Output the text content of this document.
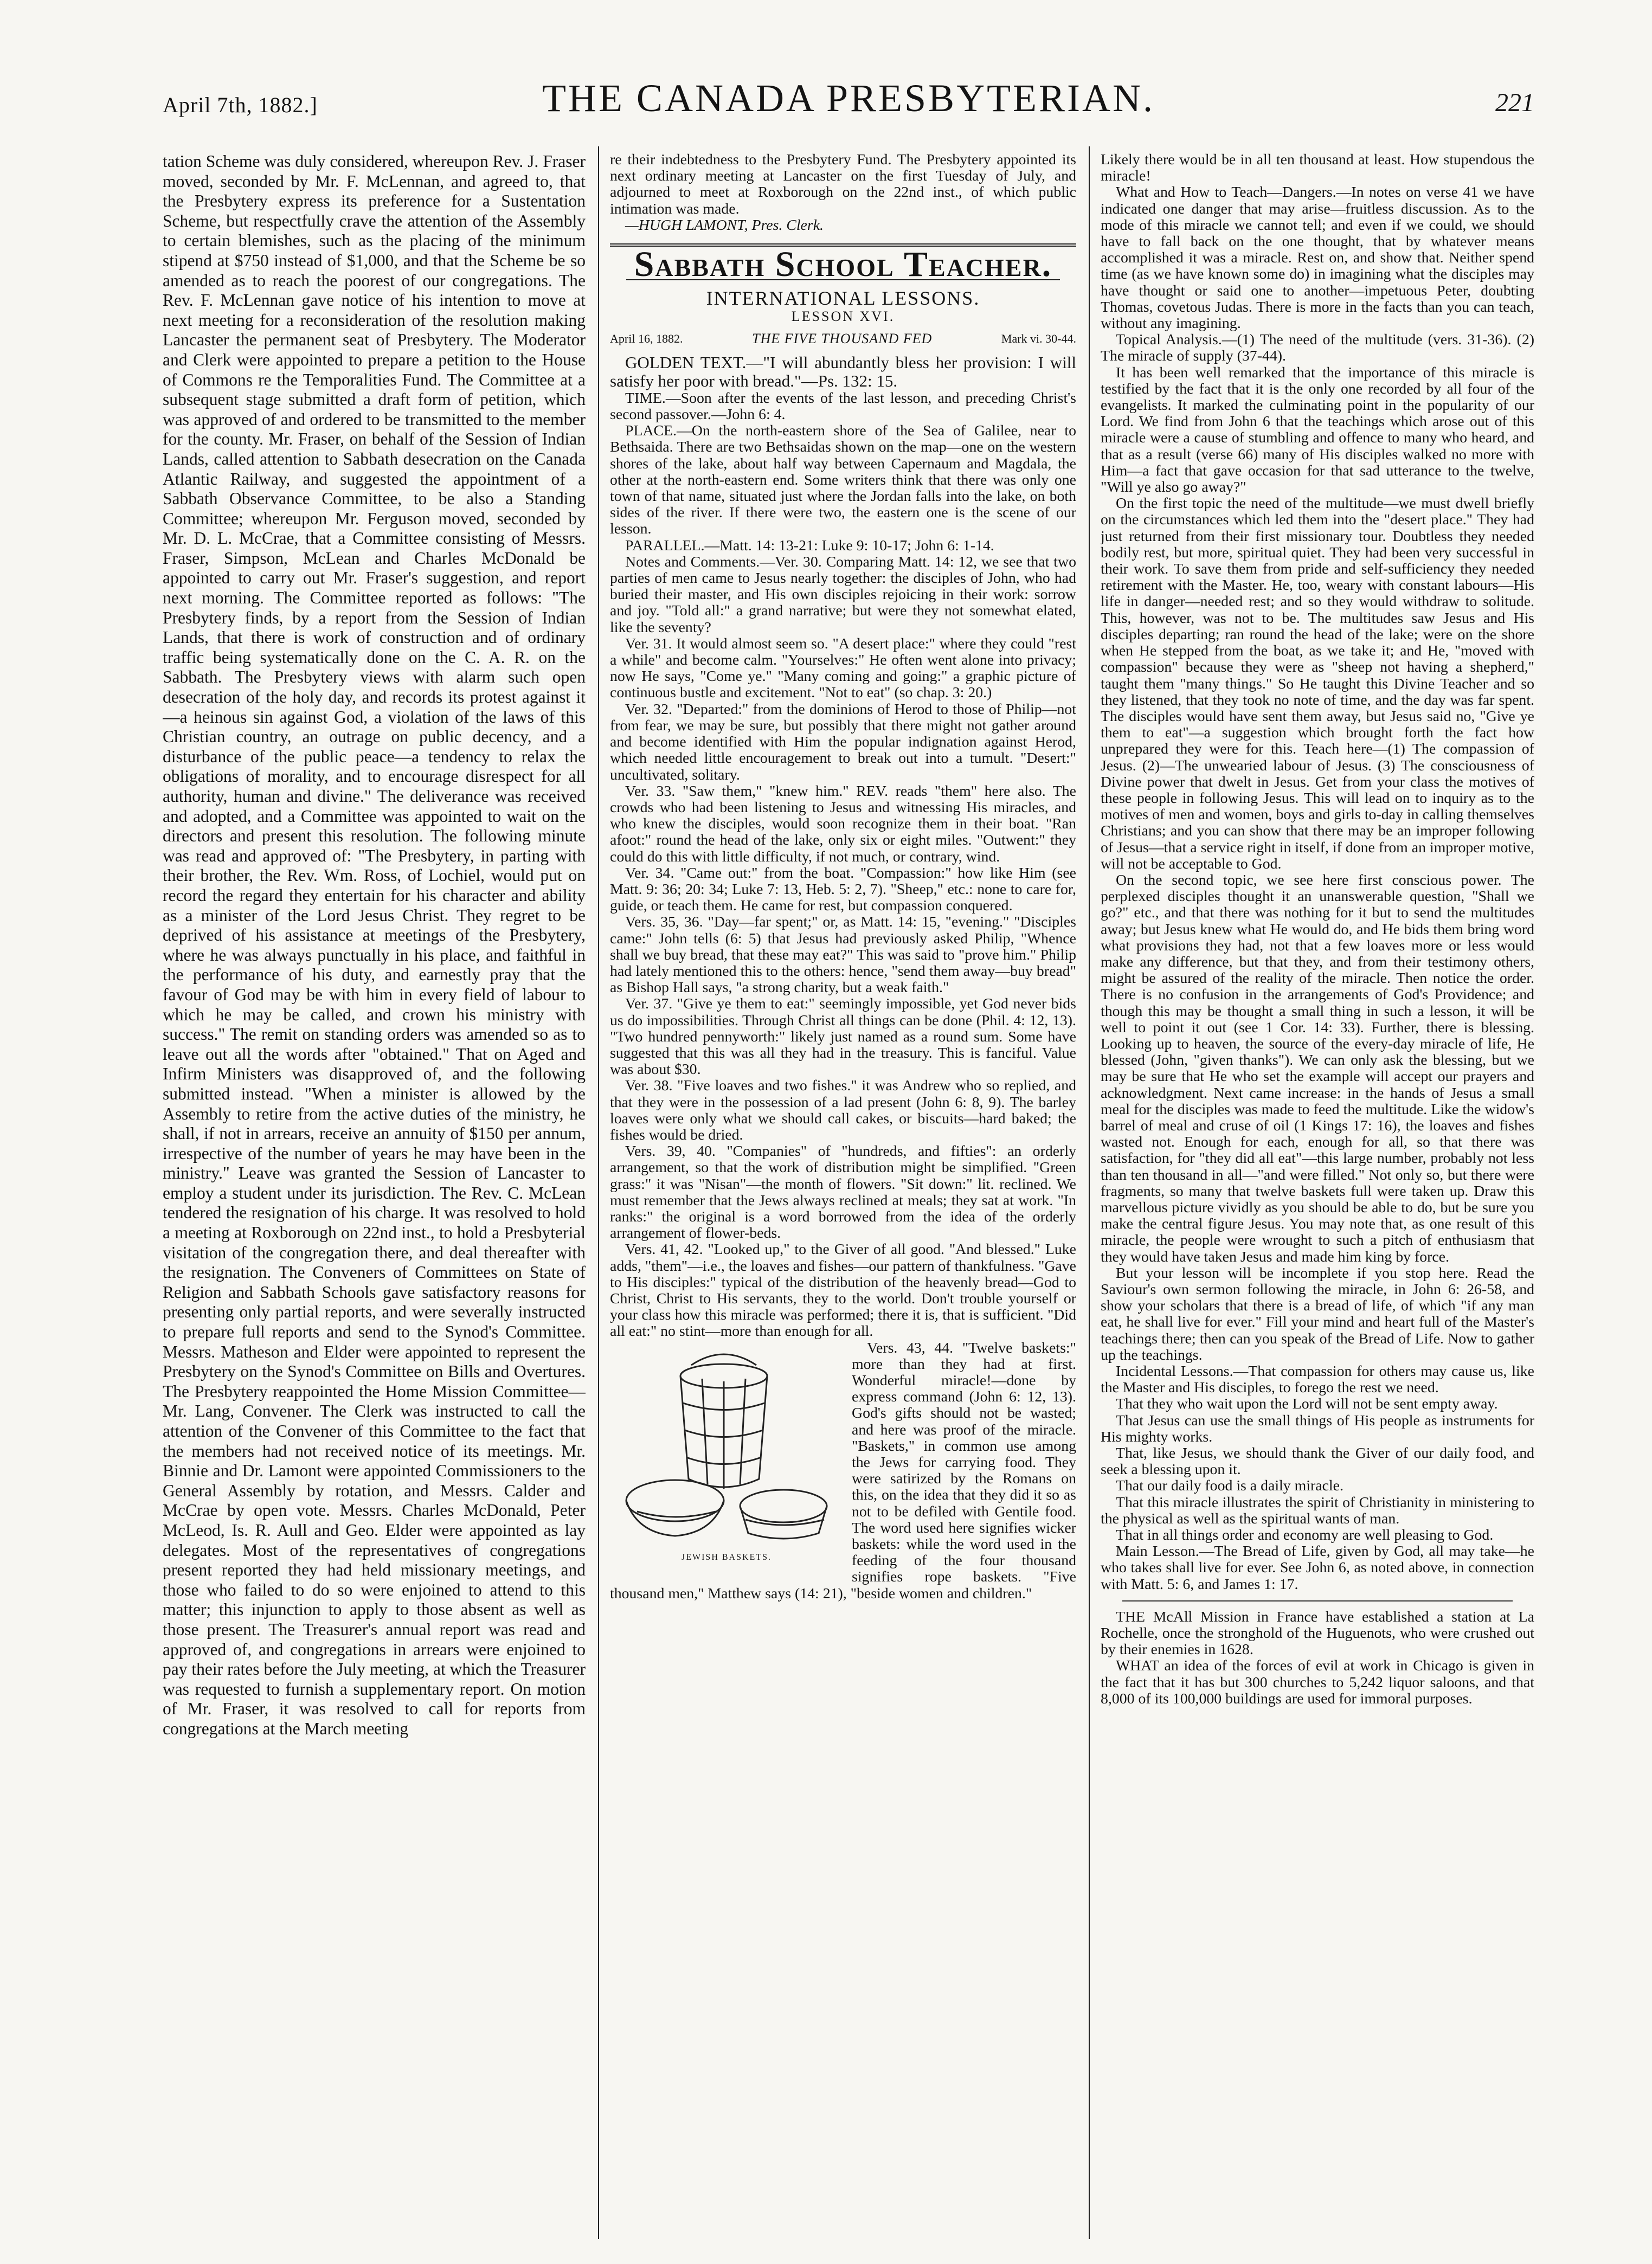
April 7th, 1882.]	THE CANADA PRESBYTERIAN.	221

tation Scheme was duly considered, whereupon Rev. J. Fraser moved, seconded by Mr. F. McLennan, and agreed to, that the Presbytery express its preference for a Sustentation Scheme, but respectfully crave the attention of the Assembly to certain blemishes, such as the placing of the minimum stipend at $750 instead of $1,000, and that the Scheme be so amended as to reach the poorest of our congregations. The Rev. F. McLennan gave notice of his intention to move at next meeting for a reconsideration of the resolution making Lancaster the permanent seat of Presbytery. The Moderator and Clerk were appointed to prepare a petition to the House of Commons re the Temporalities Fund. The Committee at a subsequent stage submitted a draft form of petition, which was approved of and ordered to be transmitted to the member for the county. Mr. Fraser, on behalf of the Session of Indian Lands, called attention to Sabbath desecration on the Canada Atlantic Railway, and suggested the appointment of a Sabbath Observance Committee, to be also a Standing Committee; whereupon Mr. Ferguson moved, seconded by Mr. D. L. McCrae, that a Committee consisting of Messrs. Fraser, Simpson, McLean and Charles McDonald be appointed to carry out Mr. Fraser's suggestion, and report next morning. The Committee reported as follows: "The Presbytery finds, by a report from the Session of Indian Lands, that there is work of construction and of ordinary traffic being systematically done on the C. A. R. on the Sabbath. The Presbytery views with alarm such open desecration of the holy day, and records its protest against it—a heinous sin against God, a violation of the laws of this Christian country, an outrage on public decency, and a disturbance of the public peace—a tendency to relax the obligations of morality, and to encourage disrespect for all authority, human and divine." The deliverance was received and adopted, and a Committee was appointed to wait on the directors and present this resolution. The following minute was read and approved of: "The Presbytery, in parting with their brother, the Rev. Wm. Ross, of Lochiel, would put on record the regard they entertain for his character and ability as a minister of the Lord Jesus Christ. They regret to be deprived of his assistance at meetings of the Presbytery, where he was always punctually in his place, and faithful in the performance of his duty, and earnestly pray that the favour of God may be with him in every field of labour to which he may be called, and crown his ministry with success." The remit on standing orders was amended so as to leave out all the words after "obtained." That on Aged and Infirm Ministers was disapproved of, and the following submitted instead. "When a minister is allowed by the Assembly to retire from the active duties of the ministry, he shall, if not in arrears, receive an annuity of $150 per annum, irrespective of the number of years he may have been in the ministry." Leave was granted the Session of Lancaster to employ a student under its jurisdiction. The Rev. C. McLean tendered the resignation of his charge. It was resolved to hold a meeting at Roxborough on 22nd inst., to hold a Presbyterial visitation of the congregation there, and deal thereafter with the resignation. The Conveners of Committees on State of Religion and Sabbath Schools gave satisfactory reasons for presenting only partial reports, and were severally instructed to prepare full reports and send to the Synod's Committee. Messrs. Matheson and Elder were appointed to represent the Presbytery on the Synod's Committee on Bills and Overtures. The Presbytery reappointed the Home Mission Committee—Mr. Lang, Convener. The Clerk was instructed to call the attention of the Convener of this Committee to the fact that the members had not received notice of its meetings. Mr. Binnie and Dr. Lamont were appointed Commissioners to the General Assembly by rotation, and Messrs. Calder and McCrae by open vote. Messrs. Charles McDonald, Peter McLeod, Is. R. Aull and Geo. Elder were appointed as lay delegates. Most of the representatives of congregations present reported they had held missionary meetings, and those who failed to do so were enjoined to attend to this matter; this injunction to apply to those absent as well as those present. The Treasurer's annual report was read and approved of, and congregations in arrears were enjoined to pay their rates before the July meeting, at which the Treasurer was requested to furnish a supplementary report. On motion of Mr. Fraser, it was resolved to call for reports from congregations at the March meeting

re their indebtedness to the Presbytery Fund. The Presbytery appointed its next ordinary meeting at Lancaster on the first Tuesday of July, and adjourned to meet at Roxborough on the 22nd inst., of which public intimation was made.

—HUGH LAMONT, Pres. Clerk.

Sabbath School Teacher.
INTERNATIONAL LESSONS.
LESSON XVI.
April 16, 1882.	THE FIVE THOUSAND FED	Mark vi. 30-44.

GOLDEN TEXT.—"I will abundantly bless her provision: I will satisfy her poor with bread."—Ps. 132: 15.

TIME.—Soon after the events of the last lesson, and preceding Christ's second passover.—John 6: 4.

PLACE.—On the north-eastern shore of the Sea of Galilee, near to Bethsaida. There are two Bethsaidas shown on the map—one on the western shores of the lake, about half way between Capernaum and Magdala, the other at the north-eastern end. Some writers think that there was only one town of that name, situated just where the Jordan falls into the lake, on both sides of the river. If there were two, the eastern one is the scene of our lesson.

PARALLEL.—Matt. 14: 13-21: Luke 9: 10-17; John 6: 1-14.

Notes and Comments.—Ver. 30. Comparing Matt. 14: 12, we see that two parties of men came to Jesus nearly together: the disciples of John, who had buried their master, and His own disciples rejoicing in their work: sorrow and joy. "Told all:" a grand narrative; but were they not somewhat elated, like the seventy?

Ver. 31. It would almost seem so. "A desert place:" where they could "rest a while" and become calm. "Yourselves:" He often went alone into privacy; now He says, "Come ye." "Many coming and going:" a graphic picture of continuous bustle and excitement. "Not to eat" (so chap. 3: 20.)

Ver. 32. "Departed:" from the dominions of Herod to those of Philip—not from fear, we may be sure, but possibly that there might not gather around and become identified with Him the popular indignation against Herod, which needed little encouragement to break out into a tumult. "Desert:" uncultivated, solitary.

Ver. 33. "Saw them," "knew him." REV. reads "them" here also. The crowds who had been listening to Jesus and witnessing His miracles, and who knew the disciples, would soon recognize them in their boat. "Ran afoot:" round the head of the lake, only six or eight miles. "Outwent:" they could do this with little difficulty, if not much, or contrary, wind.

Ver. 34. "Came out:" from the boat. "Compassion:" how like Him (see Matt. 9: 36; 20: 34; Luke 7: 13, Heb. 5: 2, 7). "Sheep," etc.: none to care for, guide, or teach them. He came for rest, but compassion conquered.

Vers. 35, 36. "Day—far spent;" or, as Matt. 14: 15, "evening." "Disciples came:" John tells (6: 5) that Jesus had previously asked Philip, "Whence shall we buy bread, that these may eat?" This was said to "prove him." Philip had lately mentioned this to the others: hence, "send them away—buy bread" as Bishop Hall says, "a strong charity, but a weak faith."

Ver. 37. "Give ye them to eat:" seemingly impossible, yet God never bids us do impossibilities. Through Christ all things can be done (Phil. 4: 12, 13). "Two hundred pennyworth:" likely just named as a round sum. Some have suggested that this was all they had in the treasury. This is fanciful. Value was about $30.

Ver. 38. "Five loaves and two fishes." it was Andrew who so replied, and that they were in the possession of a lad present (John 6: 8, 9). The barley loaves were only what we should call cakes, or biscuits—hard baked; the fishes would be dried.

Vers. 39, 40. "Companies" of "hundreds, and fifties": an orderly arrangement, so that the work of distribution might be simplified. "Green grass:" it was "Nisan"—the month of flowers. "Sit down:" lit. reclined. We must remember that the Jews always reclined at meals; they sat at work. "In ranks:" the original is a word borrowed from the idea of the orderly arrangement of flower-beds.

Vers. 41, 42. "Looked up," to the Giver of all good. "And blessed." Luke adds, "them"—i.e., the loaves and fishes—our pattern of thankfulness. "Gave to His disciples:" typical of the distribution of the heavenly bread—God to Christ, Christ to His servants, they to the world. Don't trouble yourself or your class how this miracle was performed; there it is, that is sufficient. "Did all eat:" no stint—more than enough for all.

JEWISH BASKETS.

Vers. 43, 44. "Twelve baskets:" more than they had at first. Wonderful miracle!—done by express command (John 6: 12, 13). God's gifts should not be wasted; and here was proof of the miracle. "Baskets," in common use among the Jews for carrying food. They were satirized by the Romans on this, on the idea that they did it so as not to be defiled with Gentile food. The word used here signifies wicker baskets: while the word used in the feeding of the four thousand signifies rope baskets. "Five thousand men," Matthew says (14: 21), "beside women and children."

Likely there would be in all ten thousand at least. How stupendous the miracle!

What and How to Teach—Dangers.—In notes on verse 41 we have indicated one danger that may arise—fruitless discussion. As to the mode of this miracle we cannot tell; and even if we could, we should have to fall back on the one thought, that by whatever means accomplished it was a miracle. Rest on, and show that. Neither spend time (as we have known some do) in imagining what the disciples may have thought or said one to another—impetuous Peter, doubting Thomas, covetous Judas. There is more in the facts than you can teach, without any imagining.

Topical Analysis.—(1) The need of the multitude (vers. 31-36). (2) The miracle of supply (37-44).

It has been well remarked that the importance of this miracle is testified by the fact that it is the only one recorded by all four of the evangelists. It marked the culminating point in the popularity of our Lord. We find from John 6 that the teachings which arose out of this miracle were a cause of stumbling and offence to many who heard, and that as a result (verse 66) many of His disciples walked no more with Him—a fact that gave occasion for that sad utterance to the twelve, "Will ye also go away?"

On the first topic the need of the multitude—we must dwell briefly on the circumstances which led them into the "desert place." They had just returned from their first missionary tour. Doubtless they needed bodily rest, but more, spiritual quiet. They had been very successful in their work. To save them from pride and self-sufficiency they needed retirement with the Master. He, too, weary with constant labours—His life in danger—needed rest; and so they would withdraw to solitude. This, however, was not to be. The multitudes saw Jesus and His disciples departing; ran round the head of the lake; were on the shore when He stepped from the boat, as we take it; and He, "moved with compassion" because they were as "sheep not having a shepherd," taught them "many things." So He taught this Divine Teacher and so they listened, that they took no note of time, and the day was far spent. The disciples would have sent them away, but Jesus said no, "Give ye them to eat"—a suggestion which brought forth the fact how unprepared they were for this. Teach here—(1) The compassion of Jesus. (2)—The unwearied labour of Jesus. (3) The consciousness of Divine power that dwelt in Jesus. Get from your class the motives of these people in following Jesus. This will lead on to inquiry as to the motives of men and women, boys and girls to-day in calling themselves Christians; and you can show that there may be an improper following of Jesus—that a service right in itself, if done from an improper motive, will not be acceptable to God.

On the second topic, we see here first conscious power. The perplexed disciples thought it an unanswerable question, "Shall we go?" etc., and that there was nothing for it but to send the multitudes away; but Jesus knew what He would do, and He bids them bring word what provisions they had, not that a few loaves more or less would make any difference, but that they, and from their testimony others, might be assured of the reality of the miracle. Then notice the order. There is no confusion in the arrangements of God's Providence; and though this may be thought a small thing in such a lesson, it will be well to point it out (see 1 Cor. 14: 33). Further, there is blessing. Looking up to heaven, the source of the every-day miracle of life, He blessed (John, "given thanks"). We can only ask the blessing, but we may be sure that He who set the example will accept our prayers and acknowledgment. Next came increase: in the hands of Jesus a small meal for the disciples was made to feed the multitude. Like the widow's barrel of meal and cruse of oil (1 Kings 17: 16), the loaves and fishes wasted not. Enough for each, enough for all, so that there was satisfaction, for "they did all eat"—this large number, probably not less than ten thousand in all—"and were filled." Not only so, but there were fragments, so many that twelve baskets full were taken up. Draw this marvellous picture vividly as you should be able to do, but be sure you make the central figure Jesus. You may note that, as one result of this miracle, the people were wrought to such a pitch of enthusiasm that they would have taken Jesus and made him king by force.

But your lesson will be incomplete if you stop here. Read the Saviour's own sermon following the miracle, in John 6: 26-58, and show your scholars that there is a bread of life, of which "if any man eat, he shall live for ever." Fill your mind and heart full of the Master's teachings there; then can you speak of the Bread of Life. Now to gather up the teachings.

Incidental Lessons.—That compassion for others may cause us, like the Master and His disciples, to forego the rest we need.

That they who wait upon the Lord will not be sent empty away.

That Jesus can use the small things of His people as instruments for His mighty works.

That, like Jesus, we should thank the Giver of our daily food, and seek a blessing upon it.

That our daily food is a daily miracle.

That this miracle illustrates the spirit of Christianity in ministering to the physical as well as the spiritual wants of man.

That in all things order and economy are well pleasing to God.

Main Lesson.—The Bread of Life, given by God, all may take—he who takes shall live for ever. See John 6, as noted above, in connection with Matt. 5: 6, and James 1: 17.

THE McAll Mission in France have established a station at La Rochelle, once the stronghold of the Huguenots, who were crushed out by their enemies in 1628.

WHAT an idea of the forces of evil at work in Chicago is given in the fact that it has but 300 churches to 5,242 liquor saloons, and that 8,000 of its 100,000 buildings are used for immoral purposes.
